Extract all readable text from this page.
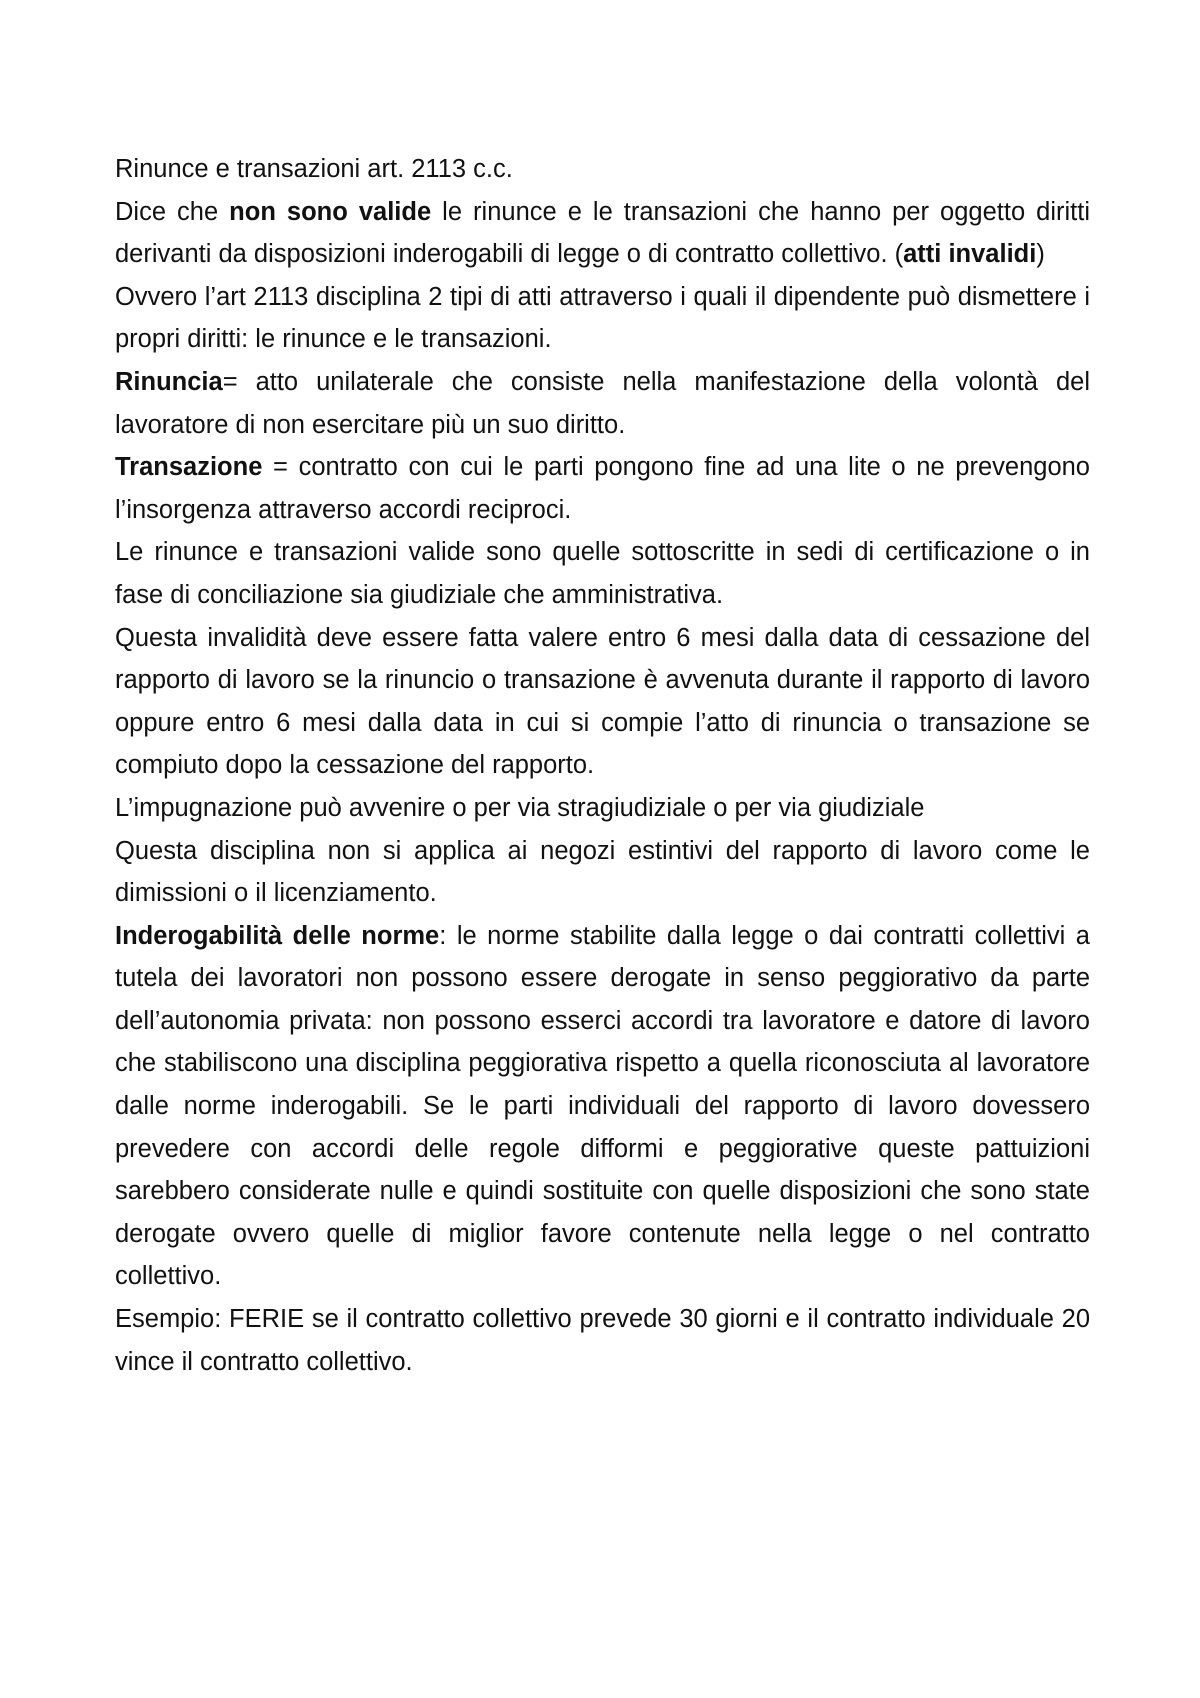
Rinunce e transazioni art. 2113 c.c.

Dice che non sono valide le rinunce e le transazioni che hanno per oggetto diritti derivanti da disposizioni inderogabili di legge o di contratto collettivo. (atti invalidi)

Ovvero l’art 2113 disciplina 2 tipi di atti attraverso i quali il dipendente può dismettere i propri diritti: le rinunce e le transazioni.

Rinuncia= atto unilaterale che consiste nella manifestazione della volontà del lavoratore di non esercitare più un suo diritto.

Transazione = contratto con cui le parti pongono fine ad una lite o ne prevengono l’insorgenza attraverso accordi reciproci.

Le rinunce e transazioni valide sono quelle sottoscritte in sedi di certificazione o in fase di conciliazione sia giudiziale che amministrativa.

Questa invalidità deve essere fatta valere entro 6 mesi dalla data di cessazione del rapporto di lavoro se la rinuncio o transazione è avvenuta durante il rapporto di lavoro oppure entro 6 mesi dalla data in cui si compie l’atto di rinuncia o transazione se compiuto dopo la cessazione del rapporto.

L’impugnazione può avvenire o per via stragiudiziale o per via giudiziale

Questa disciplina non si applica ai negozi estintivi del rapporto di lavoro come le dimissioni o il licenziamento.

Inderogabilità delle norme: le norme stabilite dalla legge o dai contratti collettivi a tutela dei lavoratori non possono essere derogate in senso peggiorativo da parte dell’autonomia privata: non possono esserci accordi tra lavoratore e datore di lavoro che stabiliscono una disciplina peggiorativa rispetto a quella riconosciuta al lavoratore dalle norme inderogabili. Se le parti individuali del rapporto di lavoro dovessero prevedere con accordi delle regole difformi e peggiorative queste pattuizioni sarebbero considerate nulle e quindi sostituite con quelle disposizioni che sono state derogate ovvero quelle di miglior favore contenute nella legge o nel contratto collettivo.

Esempio: FERIE se il contratto collettivo prevede 30 giorni e il contratto individuale 20 vince il contratto collettivo.
